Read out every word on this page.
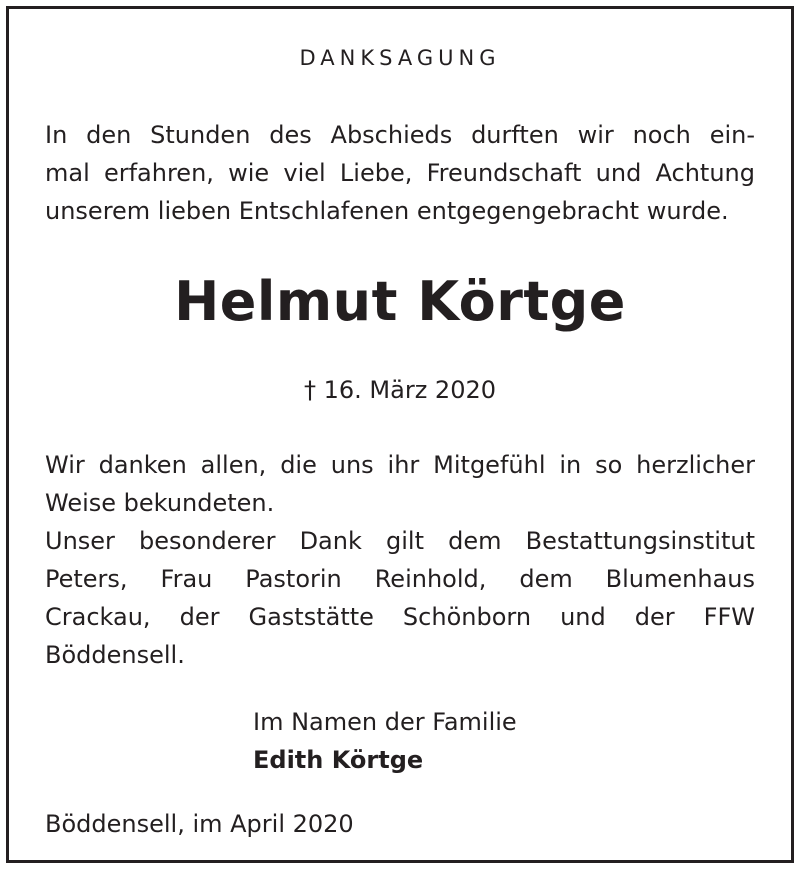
DANKSAGUNG
In den Stunden des Abschieds durften wir noch ein-
mal erfahren, wie viel Liebe, Freundschaft und Achtung
unserem lieben Entschlafenen entgegengebracht wurde.
Helmut Körtge
† 16. März 2020
Wir danken allen, die uns ihr Mitgefühl in so herzlicher
Weise bekundeten.
Unser besonderer Dank gilt dem Bestattungsinstitut
Peters, Frau Pastorin Reinhold, dem Blumenhaus
Crackau, der Gaststätte Schönborn und der FFW
Böddensell.
Im Namen der Familie
Edith Körtge
Böddensell, im April 2020
